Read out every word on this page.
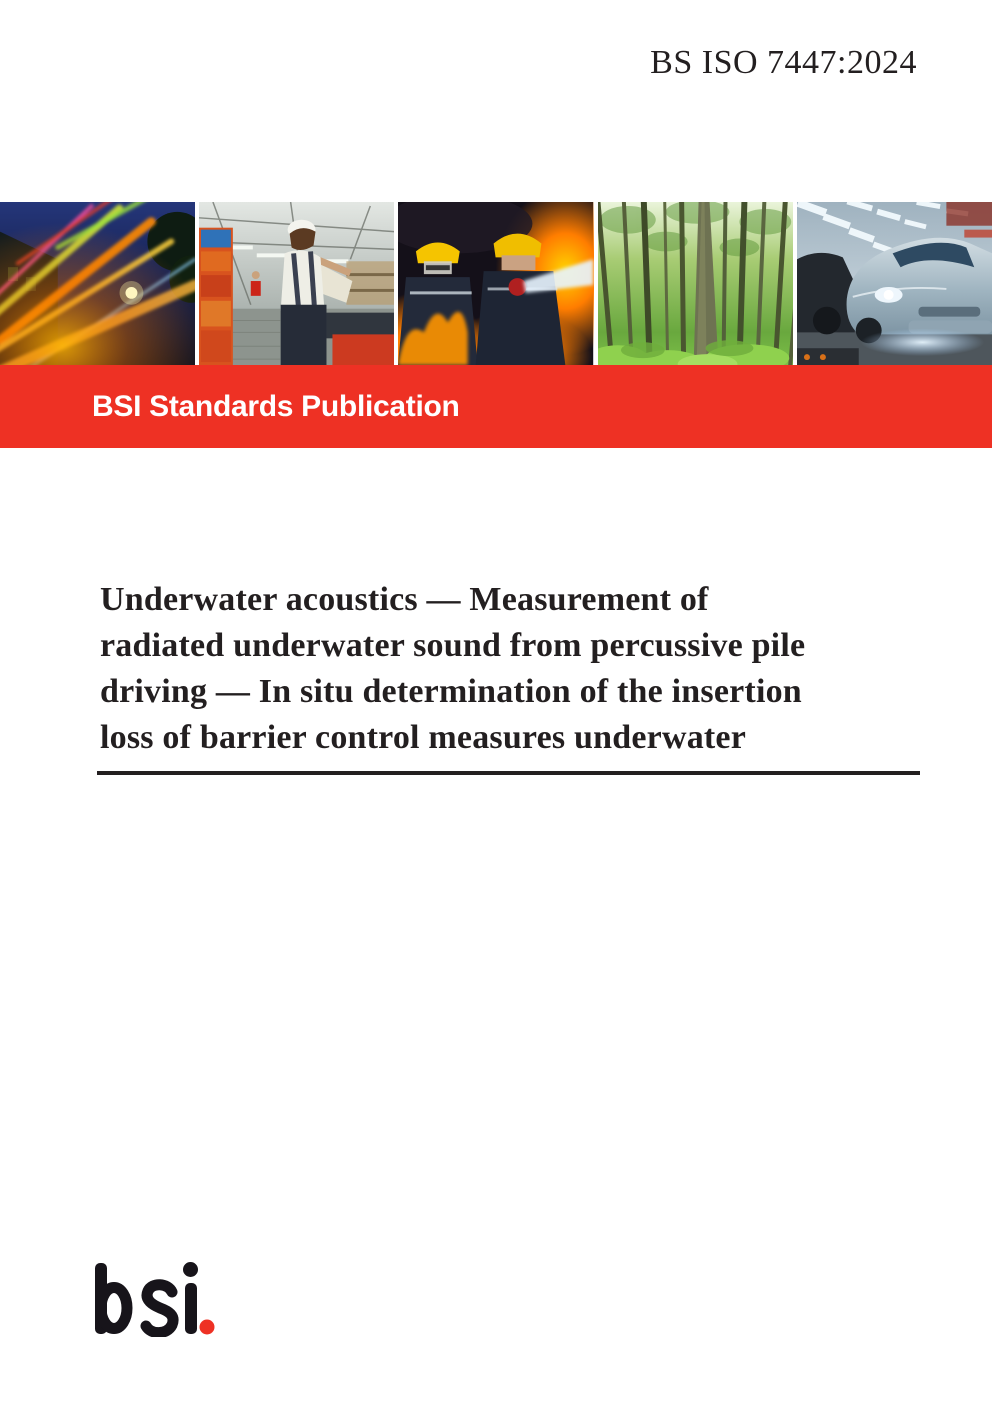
BS ISO 7447:2024
BSI Standards Publication
Underwater acoustics — Measurement of
radiated underwater sound from percussive pile
driving — In situ determination of the insertion
loss of barrier control measures underwater
